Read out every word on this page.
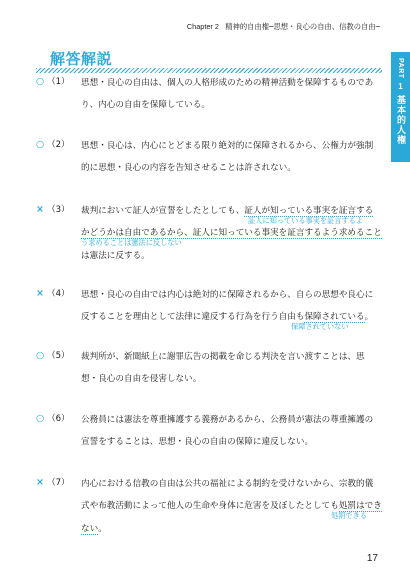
Chapter 2 精神的自由権─思想・良心の自由、信教の自由─
PART
1
基本的人権
解答解説
○ （1） 思想・良心の自由は、個人の人格形成のための精神活動を保障するものであ
り、内心の自由を保障している。
○ （2） 思想・良心は、内心にとどまる限り絶対的に保障されるから、公権力が強制
的に思想・良心の内容を告知させることは許されない。
× （3） 裁判において証人が宣誓をしたとしても、証人が知っている事実を証言する
証人に知っている事実を証言するよ
かどうかは自由であるから、証人に知っている事実を証言するよう求めること
う求めることは憲法に反しない
は憲法に反する。
× （4） 思想・良心の自由では内心は絶対的に保障されるから、自らの思想や良心に
反することを理由として法律に違反する行為を行う自由も保障されている。
保障されていない
○ （5） 裁判所が、新聞紙上に謝罪広告の掲載を命じる判決を言い渡すことは、思
想・良心の自由を侵害しない。
○ （6） 公務員には憲法を尊重擁護する義務があるから、公務員が憲法の尊重擁護の
宣誓をすることは、思想・良心の自由の保障に違反しない。
× （7） 内心における信教の自由は公共の福祉による制約を受けないから、宗教的儀
式や布教活動によって他人の生命や身体に危害を及ぼしたとしても処罰はでき
処罰できる
ない。
17
